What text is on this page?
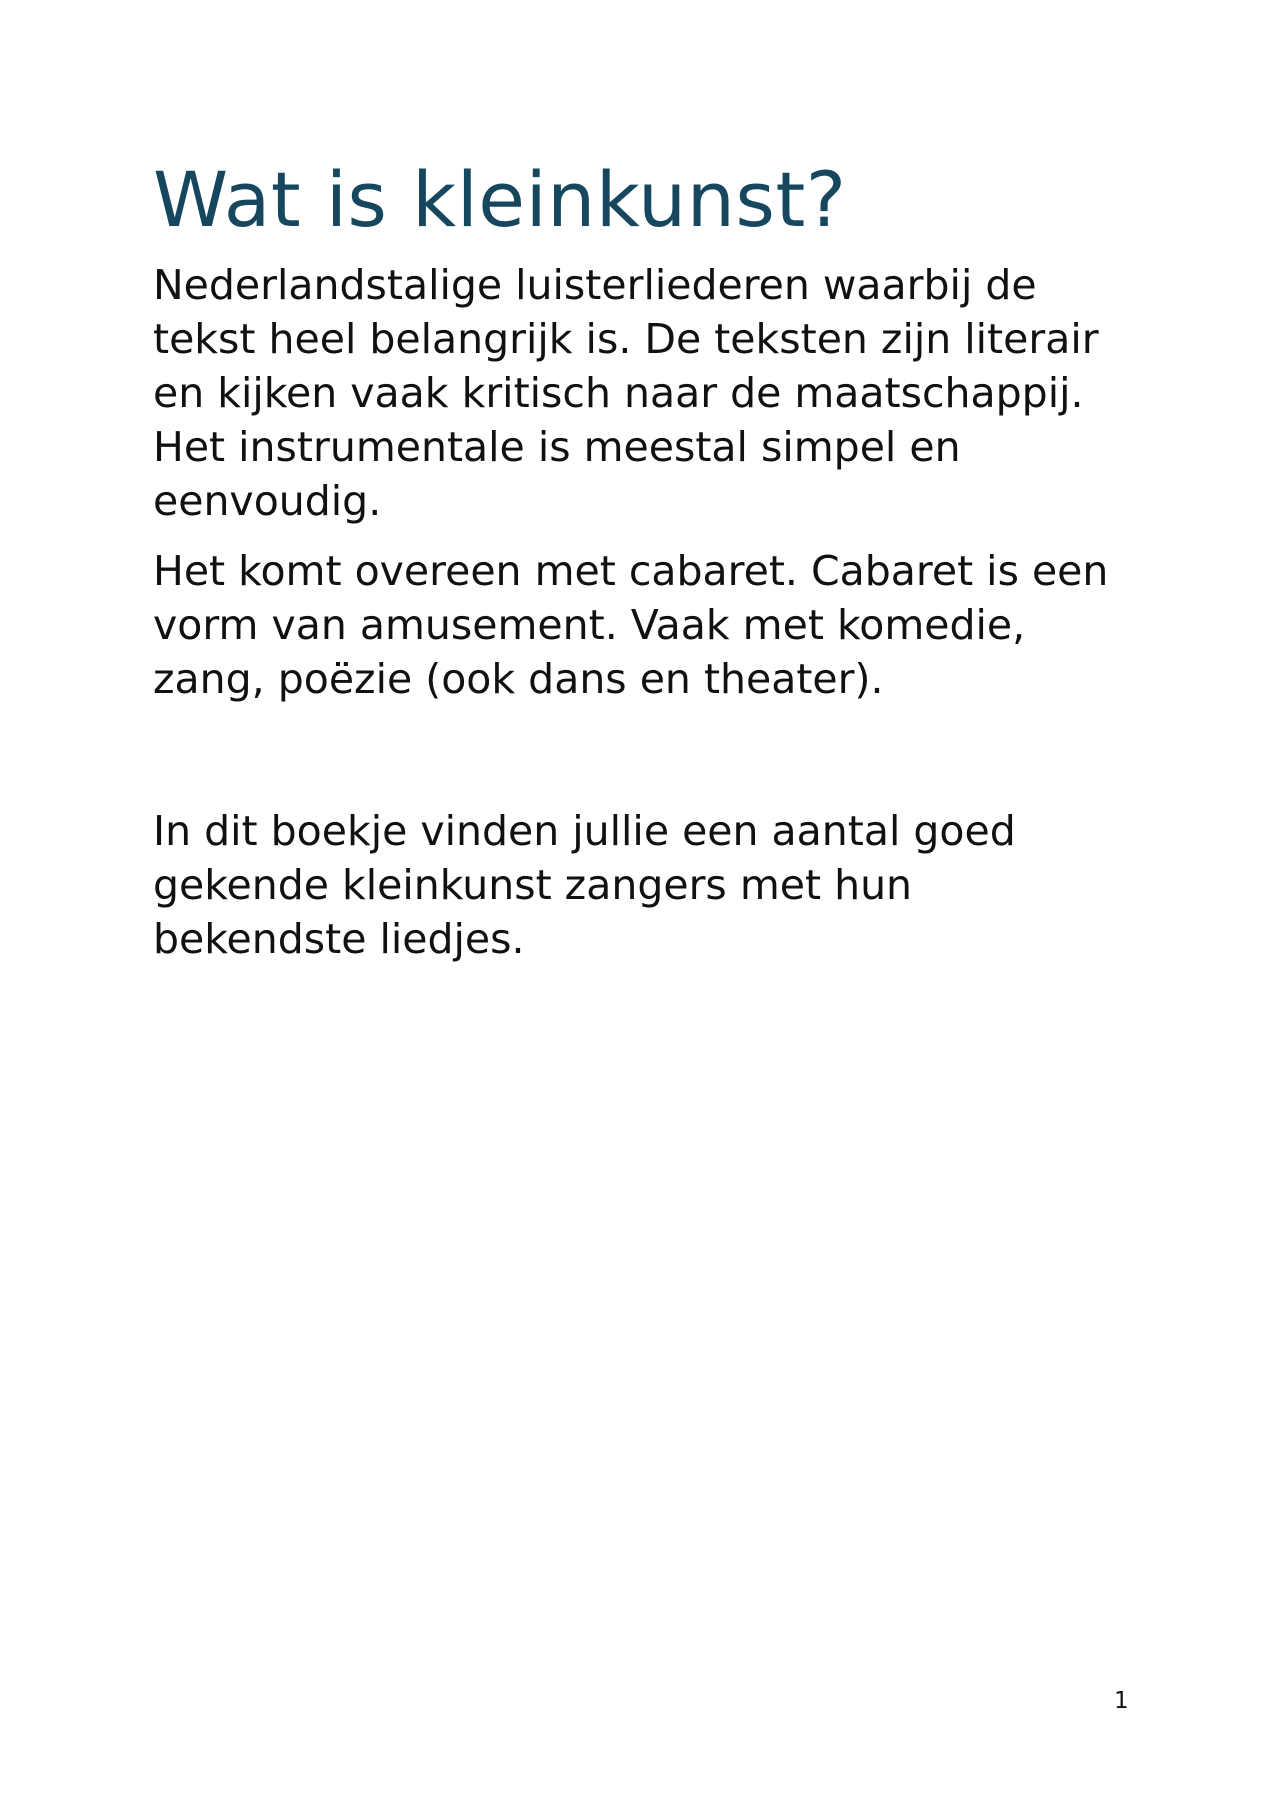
Wat is kleinkunst?

Nederlandstalige luisterliederen waarbij de tekst heel belangrijk is. De teksten zijn literair en kijken vaak kritisch naar de maatschappij. Het instrumentale is meestal simpel en eenvoudig.

Het komt overeen met cabaret. Cabaret is een vorm van amusement. Vaak met komedie, zang, poëzie (ook dans en theater).

In dit boekje vinden jullie een aantal goed gekende kleinkunst zangers met hun bekendste liedjes.

1
